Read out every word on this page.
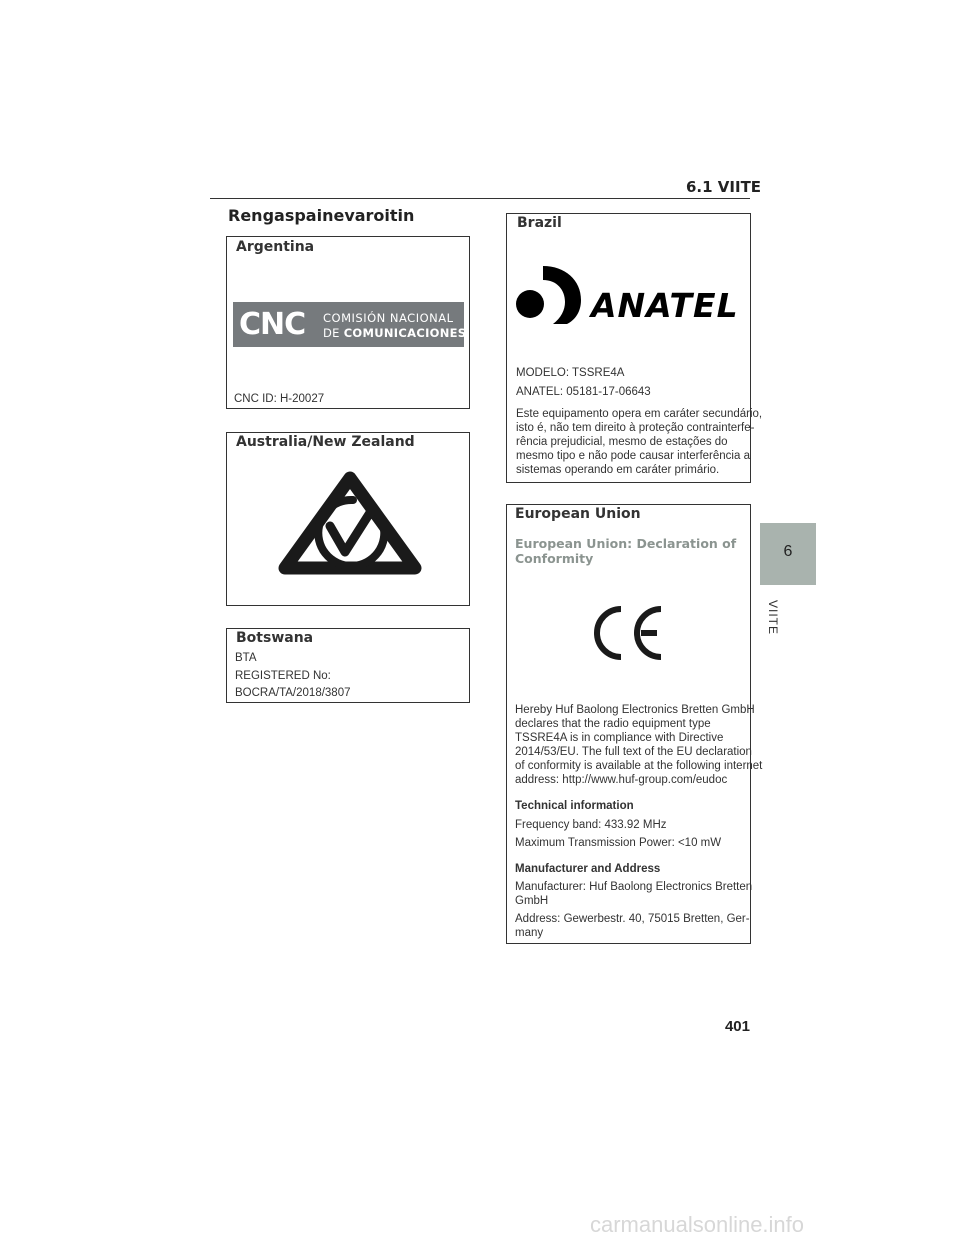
6.1 VIITE
Rengaspainevaroitin
Argentina
CNC COMISIÓN NACIONAL
DE COMUNICACIONES
CNC ID: H-20027
Australia/New Zealand
Botswana
BTA
REGISTERED No:
BOCRA/TA/2018/3807
Brazil
ANATEL
MODELO: TSSRE4A
ANATEL: 05181-17-06643
Este equipamento opera em caráter secundário,
isto é, não tem direito à proteção contrainterfe-
rência prejudicial, mesmo de estações do
mesmo tipo e não pode causar interferência a
sistemas operando em caráter primário.
European Union
European Union: Declaration of
Conformity
Hereby Huf Baolong Electronics Bretten GmbH
declares that the radio equipment type
TSSRE4A is in compliance with Directive
2014/53/EU. The full text of the EU declaration
of conformity is available at the following internet
address: http://www.huf-group.com/eudoc
Technical information
Frequency band: 433.92 MHz
Maximum Transmission Power: <10 mW
Manufacturer and Address
Manufacturer: Huf Baolong Electronics Bretten
GmbH
Address: Gewerbestr. 40, 75015 Bretten, Ger-
many
6
VIITE
401
carmanualsonline.info
